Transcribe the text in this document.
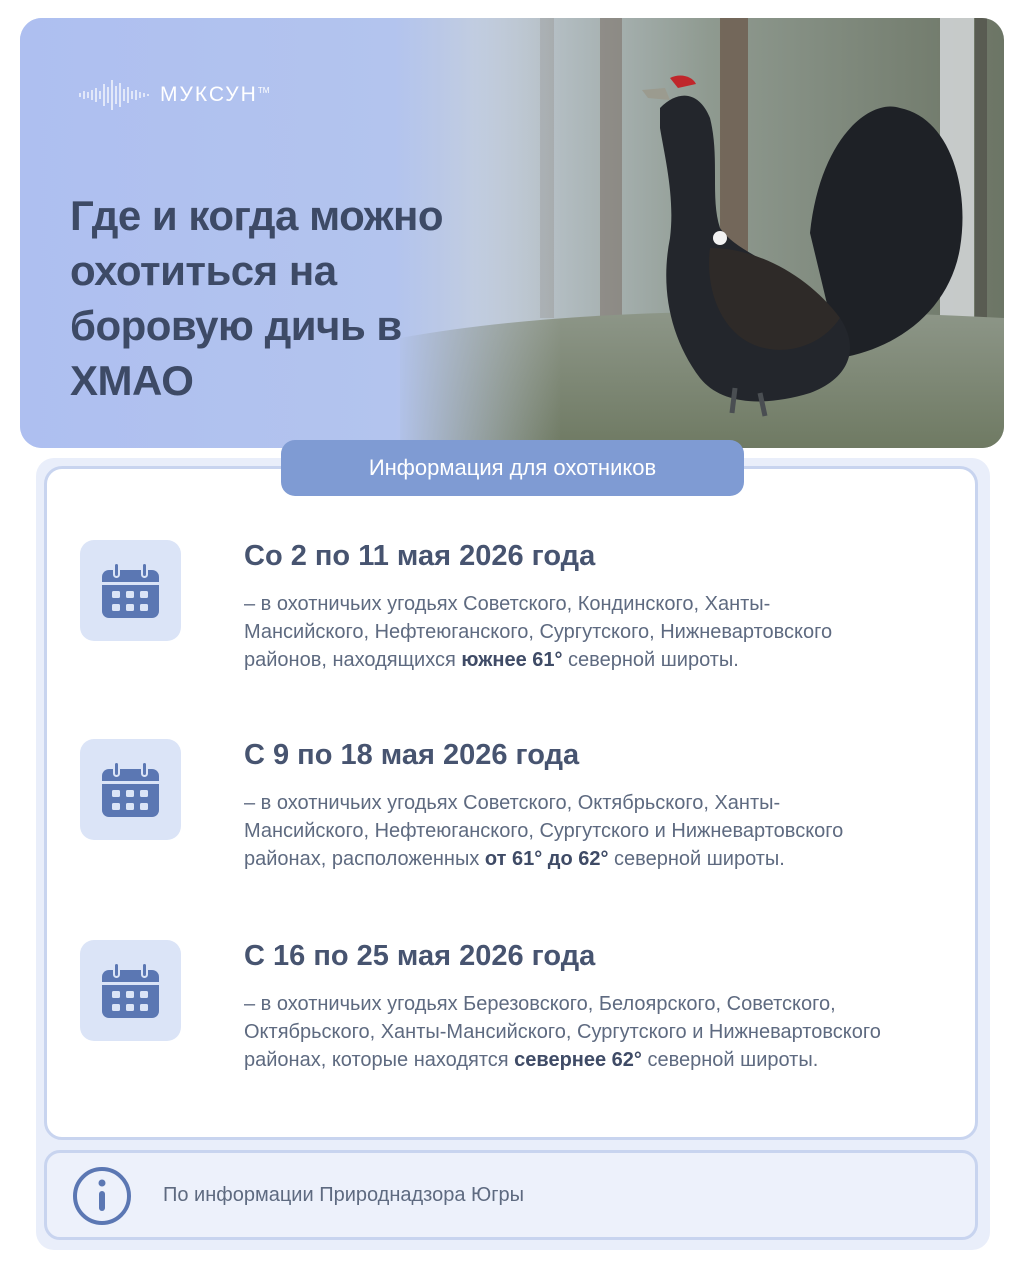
МУКСУН™
Где и когда можно охотиться на боровую дичь в ХМАО
Информация для охотников
Со 2 по 11 мая 2026 года
– в охотничьих угодьях Советского, Кондинского, Ханты-Мансийского, Нефтеюганского, Сургутского, Нижневартовского районов, находящихся южнее 61° северной широты.
С 9 по 18 мая 2026 года
– в охотничьих угодьях Советского, Октябрьского, Ханты-Мансийского, Нефтеюганского, Сургутского и Нижневартовского районах, расположенных от 61° до 62° северной широты.
С 16 по 25 мая 2026 года
– в охотничьих угодьях Березовского, Белоярского, Советского, Октябрьского, Ханты-Мансийского, Сургутского и Нижневартовского районах, которые находятся севернее 62° северной широты.
По информации Природнадзора Югры
